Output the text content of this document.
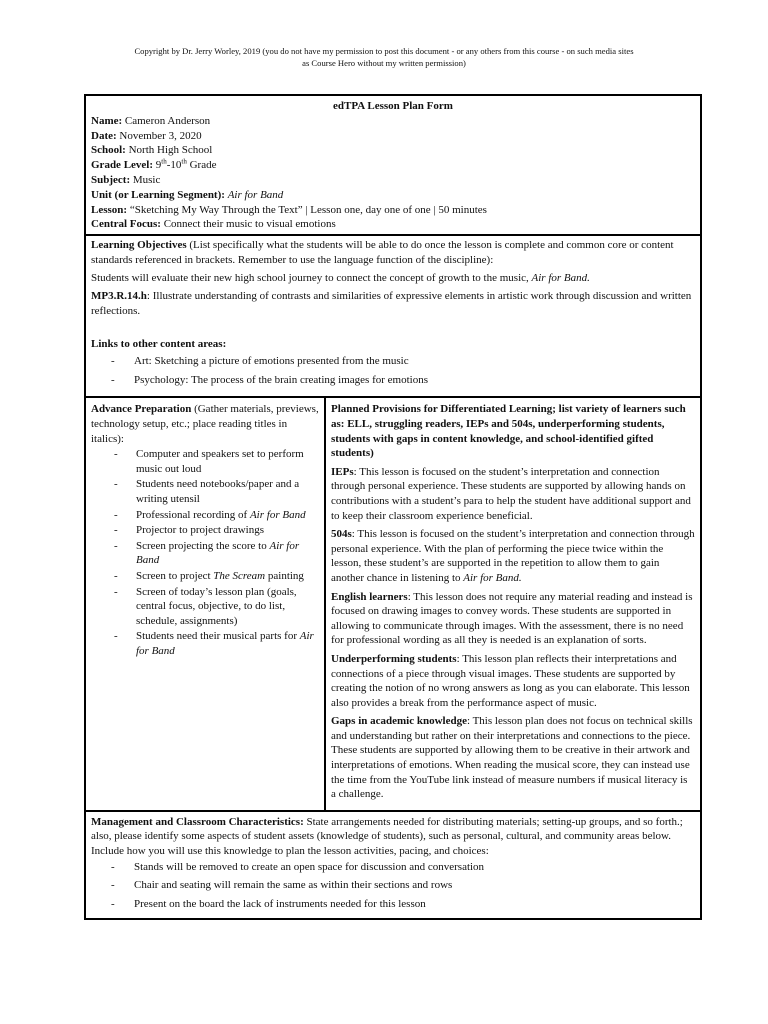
Copyright by Dr. Jerry Worley, 2019 (you do not have my permission to post this document - or any others from this course - on such media sites
as Course Hero without my written permission)
edTPA Lesson Plan Form
Name: Cameron Anderson
Date: November 3, 2020
School: North High School
Grade Level: 9th-10th Grade
Subject: Music
Unit (or Learning Segment): Air for Band
Lesson: “Sketching My Way Through the Text” | Lesson one, day one of one | 50 minutes
Central Focus: Connect their music to visual emotions

Learning Objectives (List specifically what the students will be able to do once the lesson is complete and common core or content standards referenced in brackets. Remember to use the language function of the discipline):

Students will evaluate their new high school journey to connect the concept of growth to the music, Air for Band.

MP3.R.14.h: Illustrate understanding of contrasts and similarities of expressive elements in artistic work through discussion and written reflections.

Links to other content areas:

- Art: Sketching a picture of emotions presented from the music
- Psychology: The process of the brain creating images for emotions
Advance Preparation (Gather materials, previews, technology setup, etc.; place reading titles in italics):
- Computer and speakers set to perform music out loud
- Students need notebooks/paper and a writing utensil
- Professional recording of Air for Band
- Projector to project drawings
- Screen projecting the score to Air for Band
- Screen to project The Scream painting
- Screen of today’s lesson plan (goals, central focus, objective, to do list, schedule, assignments)
- Students need their musical parts for Air for Band

Planned Provisions for Differentiated Learning; list variety of learners such as: ELL, struggling readers, IEPs and 504s, underperforming students, students with gaps in content knowledge, and school-identified gifted students)

IEPs: This lesson is focused on the student’s interpretation and connection through personal experience. These students are supported by allowing hands on contributions with a student’s para to help the student have additional support and to keep their classroom experience beneficial.

504s: This lesson is focused on the student’s interpretation and connection through personal experience. With the plan of performing the piece twice within the lesson, these student’s are supported in the repetition to allow them to gain another chance in listening to Air for Band.

English learners: This lesson does not require any material reading and instead is focused on drawing images to convey words. These students are supported in allowing to communicate through images. With the assessment, there is no need for professional wording as all they is needed is an explanation of sorts.

Underperforming students: This lesson plan reflects their interpretations and connections of a piece through visual images. These students are supported by creating the notion of no wrong answers as long as you can elaborate. This lesson also provides a break from the performance aspect of music.

Gaps in academic knowledge: This lesson plan does not focus on technical skills and understanding but rather on their interpretations and connections to the piece. These students are supported by allowing them to be creative in their artwork and interpretations of emotions. When reading the musical score, they can instead use the time from the YouTube link instead of measure numbers if musical literacy is a challenge.

Management and Classroom Characteristics: State arrangements needed for distributing materials; setting-up groups, and so forth.; also, please identify some aspects of student assets (knowledge of students), such as personal, cultural, and community areas below. Include how you will use this knowledge to plan the lesson activities, pacing, and choices:

- Stands will be removed to create an open space for discussion and conversation
- Chair and seating will remain the same as within their sections and rows
- Present on the board the lack of instruments needed for this lesson
